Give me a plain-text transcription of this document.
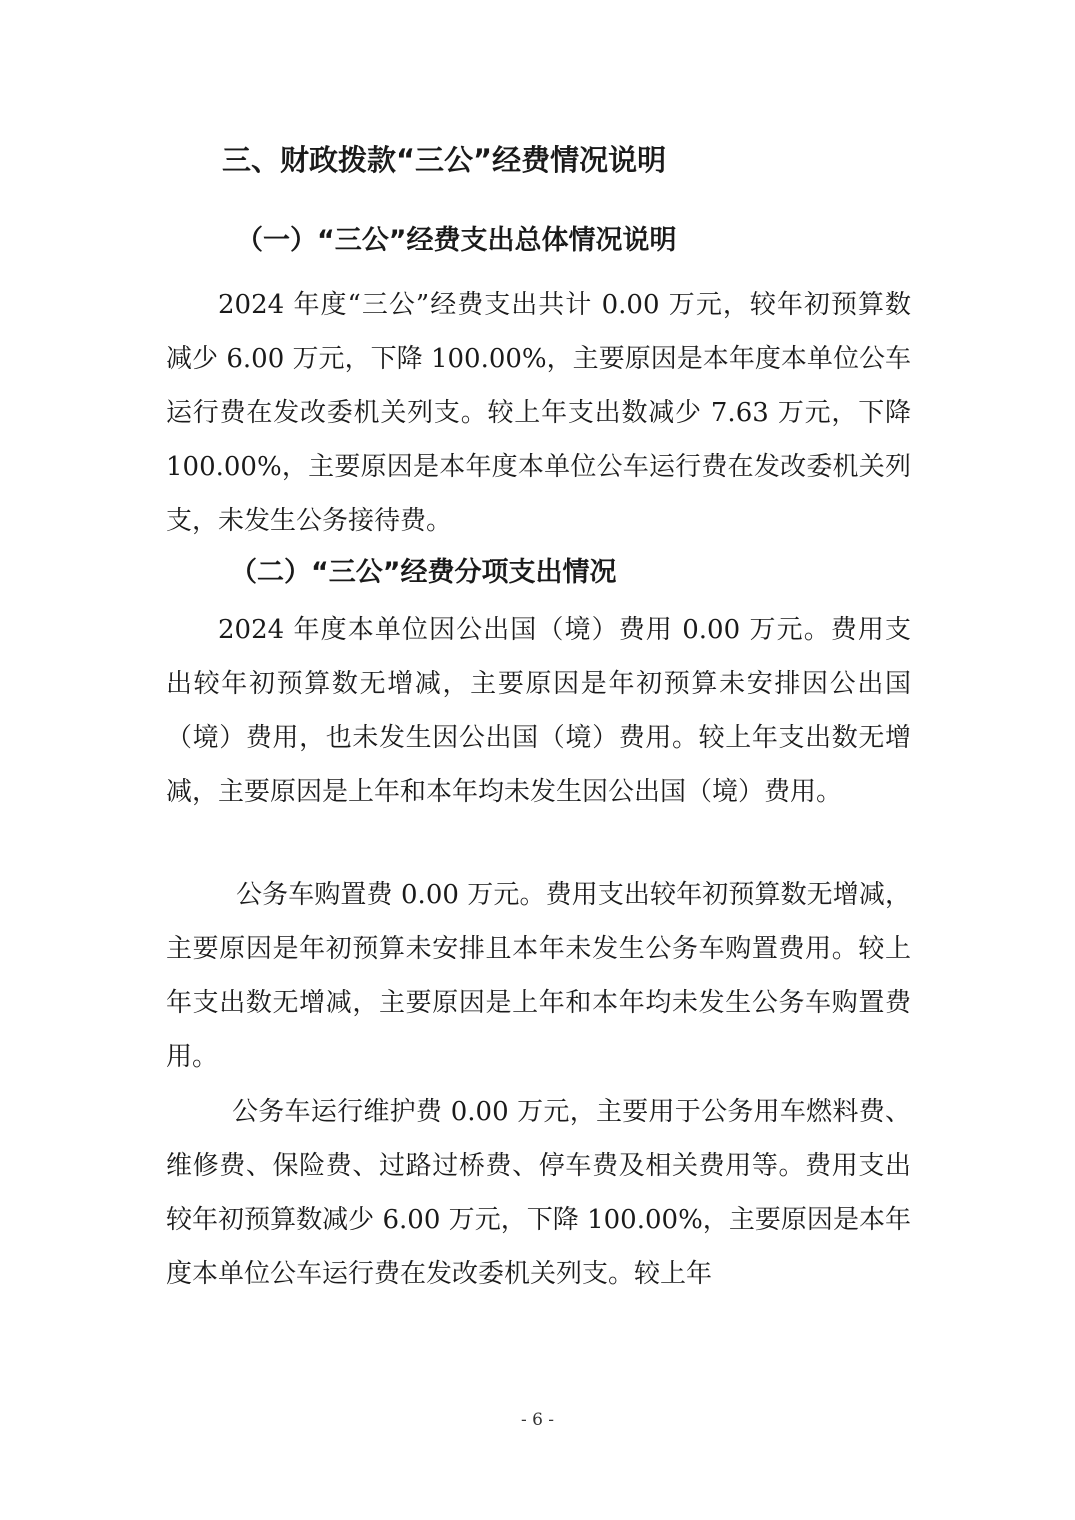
三、财政拨款“三公”经费情况说明
（一）“三公”经费支出总体情况说明

2024 年度“三公”经费支出共计 0.00 万元，较年初预算数减少 6.00 万元，下降 100.00%，主要原因是本年度本单位公车运行费在发改委机关列支。较上年支出数减少 7.63 万元，下降 100.00%，主要原因是本年度本单位公车运行费在发改委机关列支，未发生公务接待费。

（二）“三公”经费分项支出情况

2024 年度本单位因公出国（境）费用 0.00 万元。费用支出较年初预算数无增减，主要原因是年初预算未安排因公出国（境）费用，也未发生因公出国（境）费用。较上年支出数无增减，主要原因是上年和本年均未发生因公出国（境）费用。

公务车购置费 0.00 万元。费用支出较年初预算数无增减，主要原因是年初预算未安排且本年未发生公务车购置费用。较上年支出数无增减，主要原因是上年和本年均未发生公务车购置费用。

公务车运行维护费 0.00 万元，主要用于公务用车燃料费、维修费、保险费、过路过桥费、停车费及相关费用等。费用支出较年初预算数减少 6.00 万元，下降 100.00%，主要原因是本年度本单位公车运行费在发改委机关列支。较上年

- 6 -
